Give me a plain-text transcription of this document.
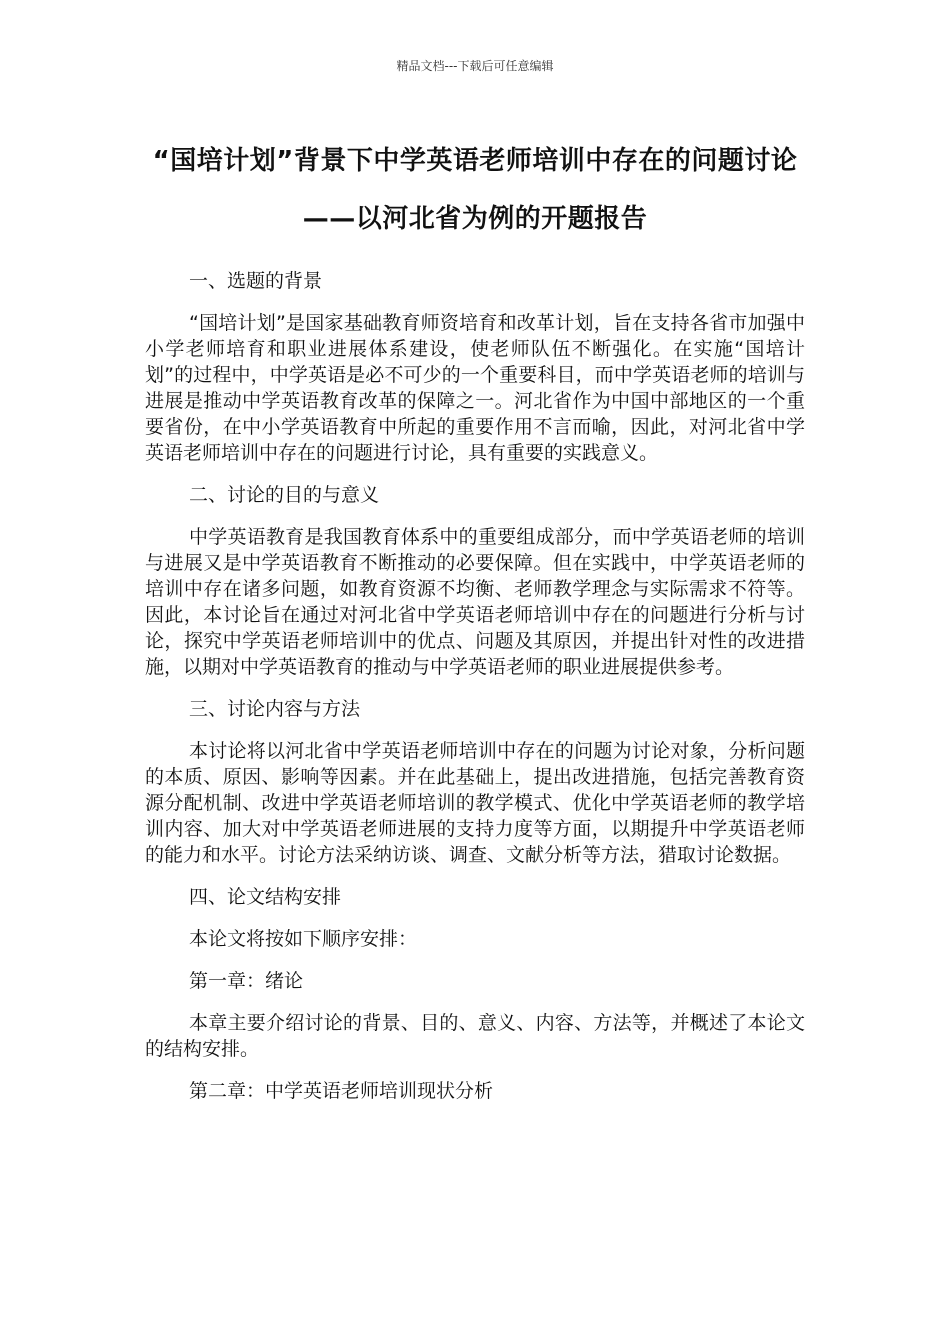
精品文档---下载后可任意编辑
“国培计划”背景下中学英语老师培训中存在的问题讨论——以河北省为例的开题报告

一、选题的背景

“国培计划”是国家基础教育师资培育和改革计划，旨在支持各省市加强中小学老师培育和职业进展体系建设，使老师队伍不断强化。在实施“国培计划”的过程中，中学英语是必不可少的一个重要科目，而中学英语老师的培训与进展是推动中学英语教育改革的保障之一。河北省作为中国中部地区的一个重要省份，在中小学英语教育中所起的重要作用不言而喻，因此，对河北省中学英语老师培训中存在的问题进行讨论，具有重要的实践意义。

二、讨论的目的与意义

中学英语教育是我国教育体系中的重要组成部分，而中学英语老师的培训与进展又是中学英语教育不断推动的必要保障。但在实践中，中学英语老师的培训中存在诸多问题，如教育资源不均衡、老师教学理念与实际需求不符等。因此，本讨论旨在通过对河北省中学英语老师培训中存在的问题进行分析与讨论，探究中学英语老师培训中的优点、问题及其原因，并提出针对性的改进措施，以期对中学英语教育的推动与中学英语老师的职业进展提供参考。

三、讨论内容与方法

本讨论将以河北省中学英语老师培训中存在的问题为讨论对象，分析问题的本质、原因、影响等因素。并在此基础上，提出改进措施，包括完善教育资源分配机制、改进中学英语老师培训的教学模式、优化中学英语老师的教学培训内容、加大对中学英语老师进展的支持力度等方面，以期提升中学英语老师的能力和水平。讨论方法采纳访谈、调查、文献分析等方法，猎取讨论数据。

四、论文结构安排

本论文将按如下顺序安排：

第一章：绪论

本章主要介绍讨论的背景、目的、意义、内容、方法等，并概述了本论文的结构安排。

第二章：中学英语老师培训现状分析
